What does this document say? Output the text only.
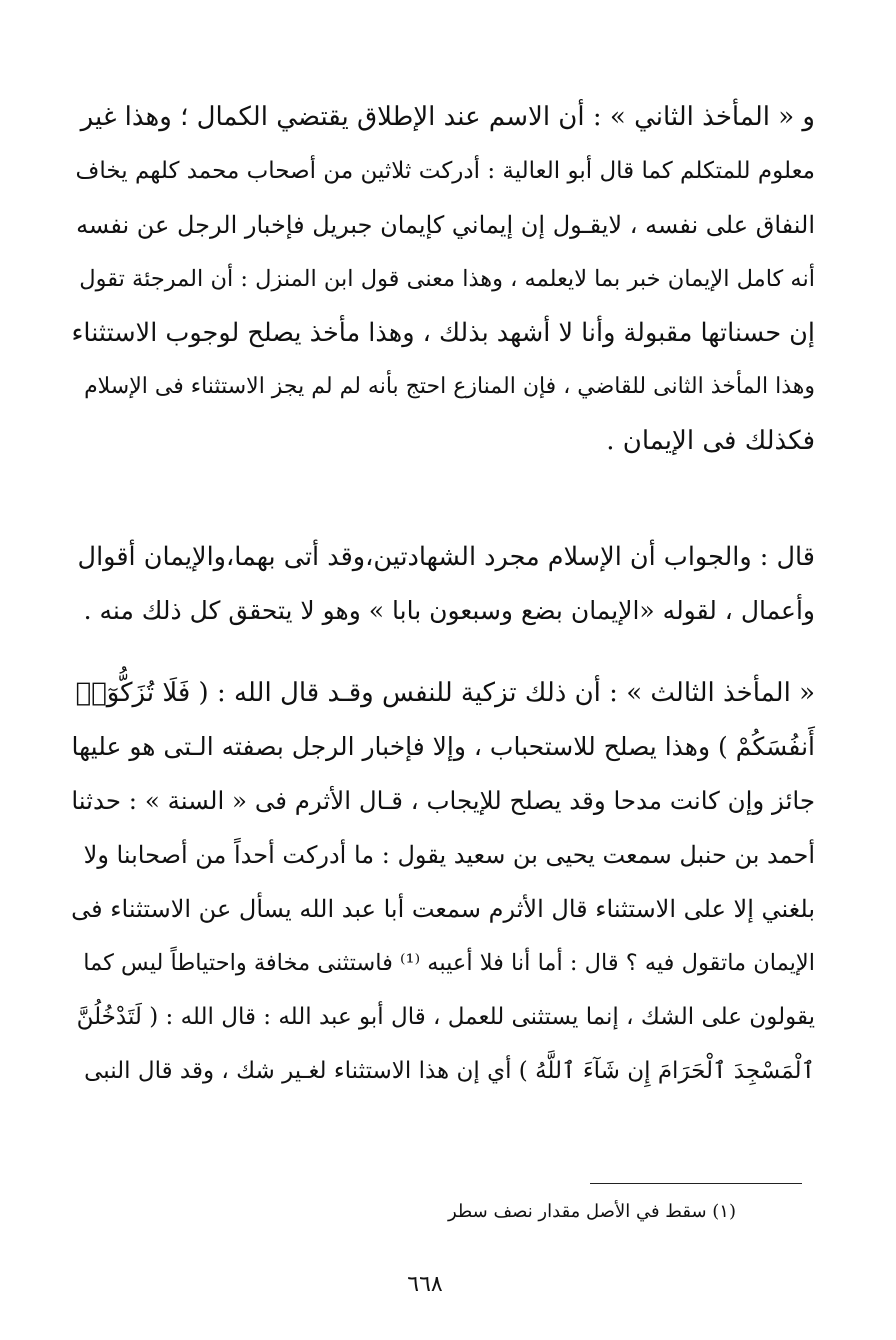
و « المأخذ الثاني » : أن الاسم عند الإطلاق يقتضي الكمال ؛ وهذا غير
معلوم للمتكلم كما قال أبو العالية : أدركت ثلاثين من أصحاب محمد كلهم يخاف
النفاق على نفسه ، لايقـول إن إيماني كإيمان جبريل فإخبار الرجل عن نفسه
أنه كامل الإيمان خبر بما لايعلمه ، وهذا معنى قول ابن المنزل : أن المرجئة تقول
إن حسناتها مقبولة وأنا لا أشهد بذلك ، وهذا مأخذ يصلح لوجوب الاستثناء
وهذا المأخذ الثانى للقاضي ، فإن المنازع احتج بأنه لم لم يجز الاستثناء فى الإسلام
فكذلك فى الإيمان .
قال : والجواب أن الإسلام مجرد الشهادتين،وقد أتى بهما،والإيمان أقوال
وأعمال ، لقوله «الإيمان بضع وسبعون بابا » وهو لا يتحقق كل ذلك منه .
« المأخذ الثالث » : أن ذلك تزكية للنفس وقـد قال الله : ( فَلَا تُزَكُّوٓا۟
أَنفُسَكُمْ ) وهذا يصلح للاستحباب ، وإلا فإخبار الرجل بصفته الـتى هو عليها
جائز وإن كانت مدحا وقد يصلح للإيجاب ، قـال الأثرم فى « السنة » : حدثنا
أحمد بن حنبل سمعت يحيى بن سعيد يقول : ما أدركت أحداً من أصحابنا ولا
بلغني إلا على الاستثناء قال الأثرم سمعت أبا عبد الله يسأل عن الاستثناء فى
الإيمان ماتقول فيه ؟ قال : أما أنا فلا أعيبه ⁽¹⁾ فاستثنى مخافة واحتياطاً ليس كما
يقولون على الشك ، إنما يستثنى للعمل ، قال أبو عبد الله : قال الله : ( لَتَدْخُلُنَّ
ٱلْمَسْجِدَ ٱلْحَرَامَ إِن شَآءَ ٱللَّهُ ) أي إن هذا الاستثناء لغـير شك ، وقد قال النبى
(١) سقط في الأصل مقدار نصف سطر
٦٦٨
